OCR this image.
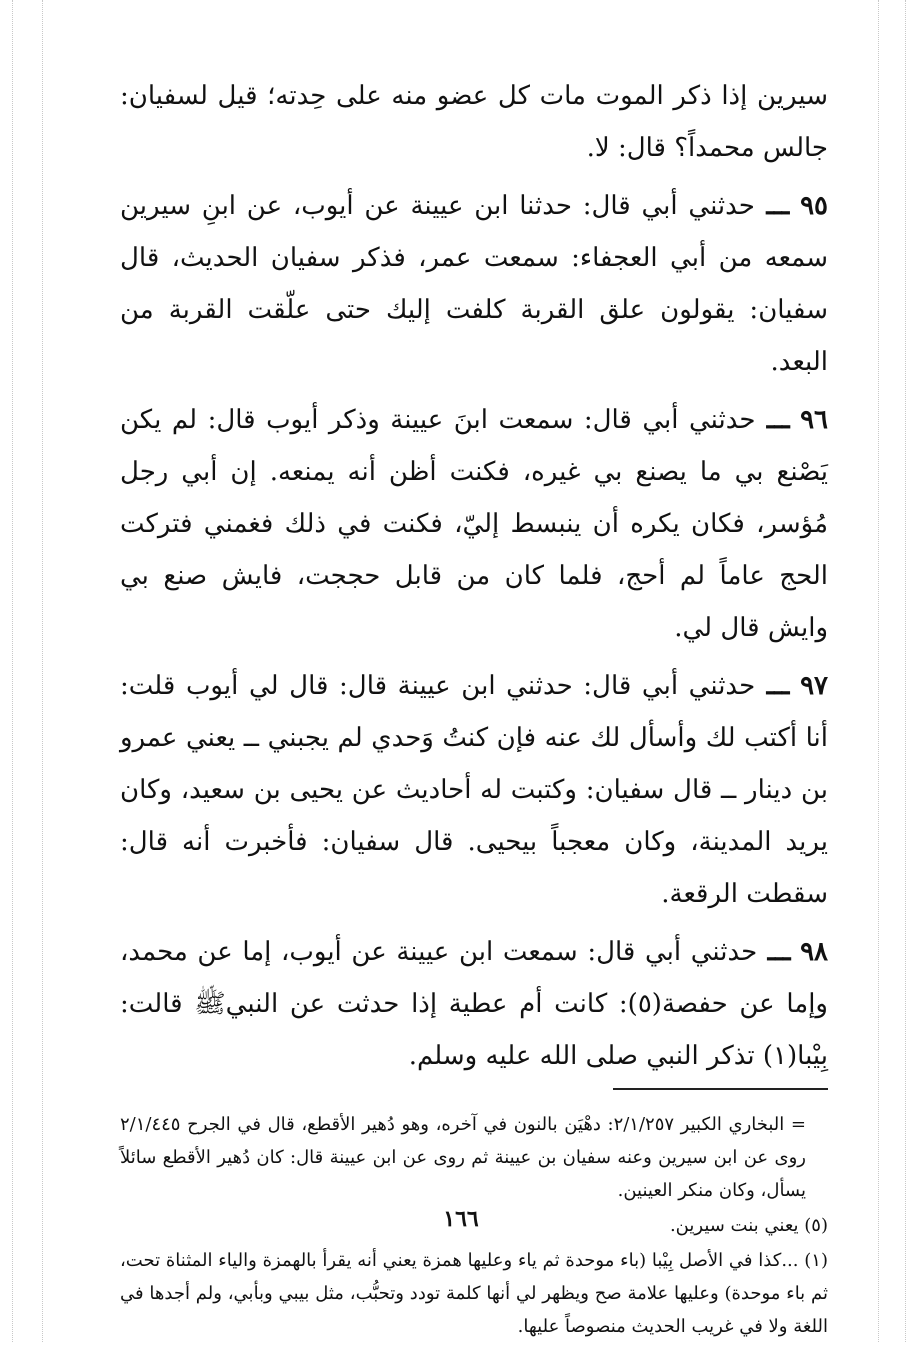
سيرين إذا ذكر الموت مات كل عضو منه على حِدته؛ قيل لسفيان: جالس محمداً؟ قال: لا.

٩٥ ـــ حدثني أبي قال: حدثنا ابن عيينة عن أيوب، عن ابنِ سيرين سمعه من أبي العجفاء: سمعت عمر، فذكر سفيان الحديث، قال سفيان: يقولون علق القربة كلفت إليك حتى علّقت القربة من البعد.

٩٦ ـــ حدثني أبي قال: سمعت ابنَ عيينة وذكر أيوب قال: لم يكن يَصْنع بي ما يصنع بي غيره، فكنت أظن أنه يمنعه. إن أبي رجل مُؤسر، فكان يكره أن ينبسط إليّ، فكنت في ذلك فغمني فتركت الحج عاماً لم أحج، فلما كان من قابل حججت، فايش صنع بي وايش قال لي.

٩٧ ـــ حدثني أبي قال: حدثني ابن عيينة قال: قال لي أيوب قلت: أنا أكتب لك وأسأل لك عنه فإن كنتُ وَحدي لم يجبني ــ يعني عمرو بن دينار ــ قال سفيان: وكتبت له أحاديث عن يحيى بن سعيد، وكان يريد المدينة، وكان معجباً بيحيى. قال سفيان: فأخبرت أنه قال: سقطت الرقعة.

٩٨ ـــ حدثني أبي قال: سمعت ابن عيينة عن أيوب، إما عن محمد، وإما عن حفصة(٥): كانت أم عطية إذا حدثت عن النبيﷺ قالت: بِيْبا(١) تذكر النبي صلى الله عليه وسلم.

= البخاري الكبير ٢/١/٢٥٧: دهْيَن بالنون في آخره، وهو دُهير الأقطع، قال في الجرح ٢/١/٤٤٥ روى عن ابن سيرين وعنه سفيان بن عيينة ثم روى عن ابن عيينة قال: كان دُهير الأقطع سائلاً يسأل، وكان منكر العينين.

(٥) يعني بنت سيرين.

(١) ...كذا في الأصل بِيْبا (باء موحدة ثم ياء وعليها همزة يعني أنه يقرأ بالهمزة والياء المثناة تحت، ثم باء موحدة) وعليها علامة صح ويظهر لي أنها كلمة تودد وتحبُّب، مثل بيبي وبأبي، ولم أجدها في اللغة ولا في غريب الحديث منصوصاً عليها.

١٦٦
